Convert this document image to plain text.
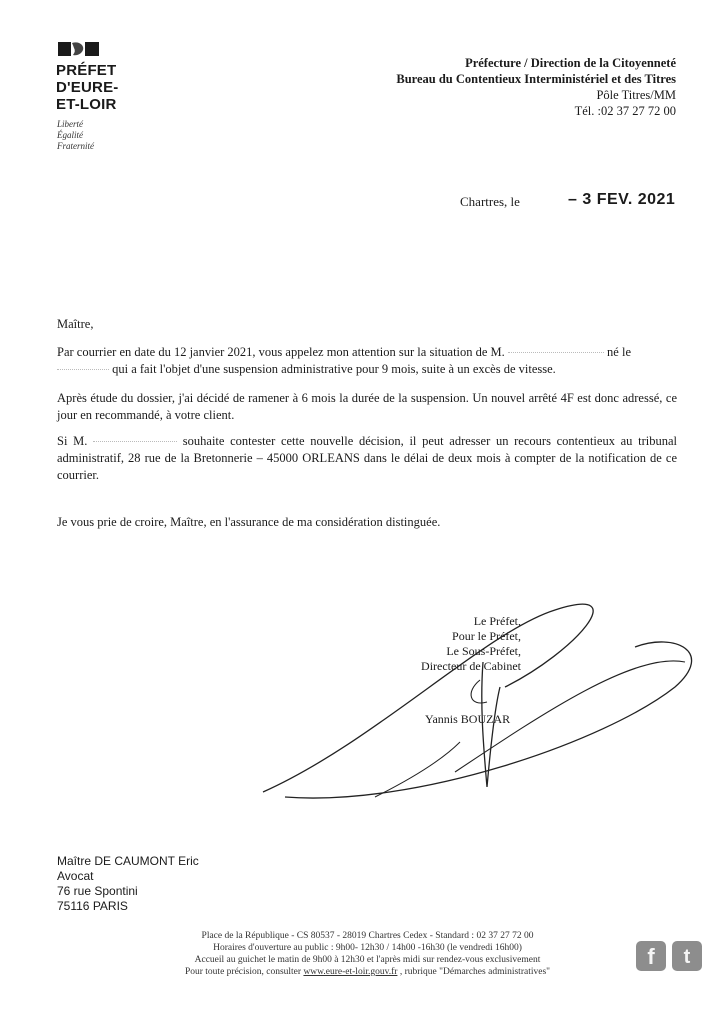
PRÉFET
D'EURE-
ET-LOIR
Liberté
Égalité
Fraternité
Préfecture / Direction de la Citoyenneté
Bureau du Contentieux Interministériel et des Titres
Pôle Titres/MM
Tél. :02 37 27 72 00
Chartres, le	– 3 FEV. 2021
Maître,
Par courrier en date du 12 janvier 2021, vous appelez mon attention sur la situation de M.	né le
qui a fait l'objet d'une suspension administrative pour 9 mois, suite à un excès de vitesse.
Après étude du dossier, j'ai décidé de ramener à 6 mois la durée de la suspension. Un nouvel arrêté 4F est donc adressé, ce jour en recommandé, à votre client.
Si M.	souhaite contester cette nouvelle décision, il peut adresser un recours contentieux au tribunal administratif, 28 rue de la Bretonnerie – 45000 ORLEANS dans le délai de deux mois à compter de la notification de ce courrier.
Je vous prie de croire, Maître, en l'assurance de ma considération distinguée.
Le Préfet,
Pour le Préfet,
Le Sous-Préfet,
Directeur de Cabinet
Yannis BOUZAR
Maître DE CAUMONT Eric
Avocat
76 rue Spontini
75116 PARIS
Place de la République - CS 80537 - 28019 Chartres Cedex - Standard : 02 37 27 72 00
Horaires d'ouverture au public : 9h00- 12h30 / 14h00 -16h30 (le vendredi 16h00)
Accueil au guichet le matin de 9h00 à 12h30 et l'après midi sur rendez-vous exclusivement
Pour toute précision, consulter www.eure-et-loir.gouv.fr , rubrique "Démarches administratives"
f	t
